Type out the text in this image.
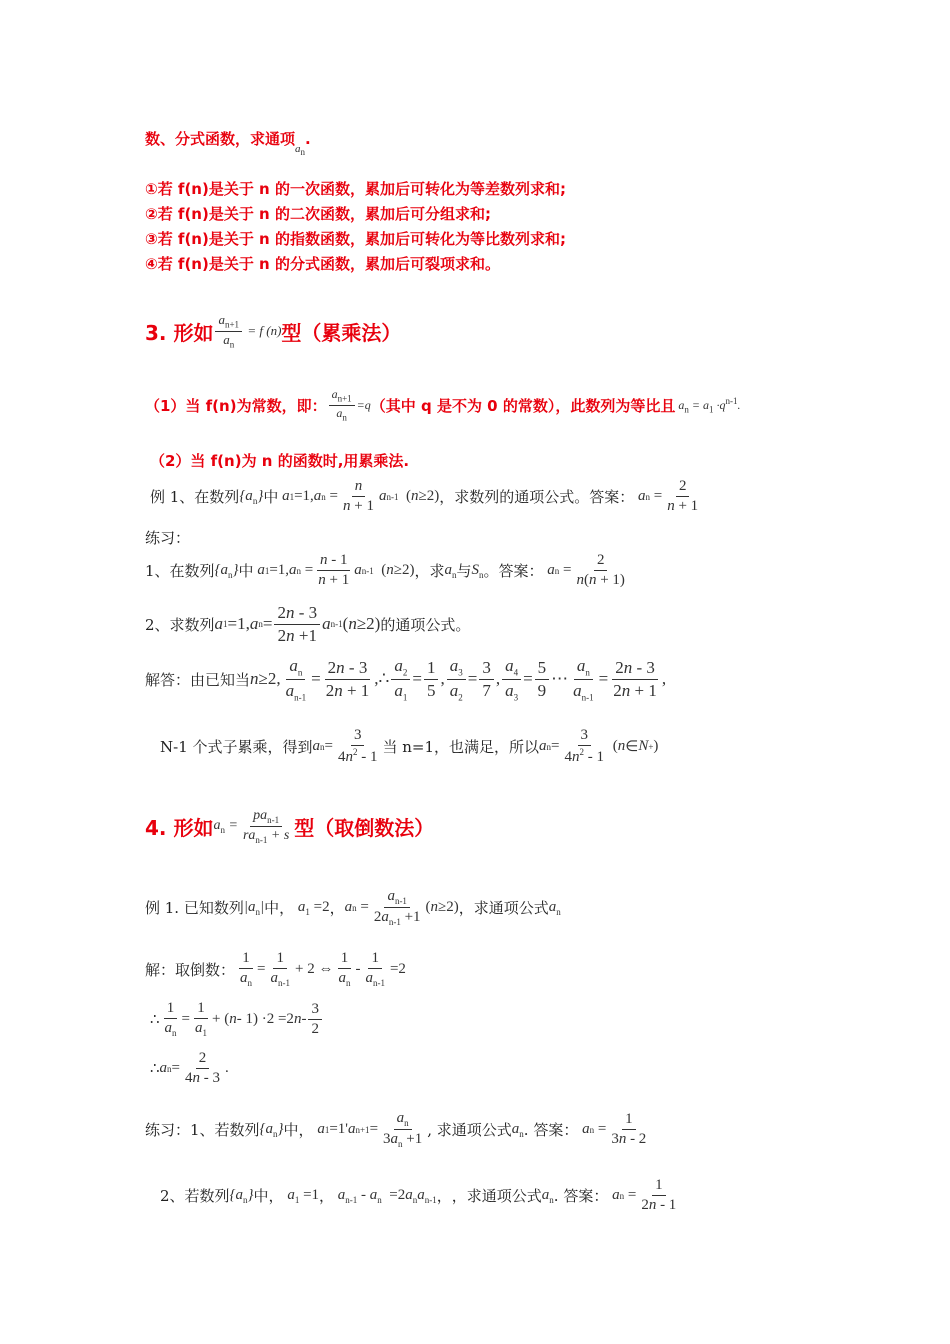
数、分式函数，求通项$_{a_n}$.
①若 f(n)是关于 n 的一次函数，累加后可转化为等差数列求和;
②若 f(n)是关于 n 的二次函数，累加后可分组求和;
③若 f(n)是关于 n 的指数函数，累加后可转化为等比数列求和;
④若 f(n)是关于 n 的分式函数，累加后可裂项求和。
3. 形如 $\frac{a_{n+1}}{a_n} = f$ (n) 型（累乘法）
（1）当 f(n)为常数，即： $\frac{a_{n+1}}{a_n} =q$ （其中 q 是不为 0 的常数），此数列为等比且 $a_n = a_1 \cdot q^{n-1}$.
（2）当 f(n)为 n 的函数时,用累乘法.
例 1、在数列 $\{a_n\}$ 中 a 1 =1, a $n = \frac{n}{n + 1}$ a n-1
( n ≥2) ，求数列的通项公式。答案： a $n = \frac{2}{n + 1}$
练习：
1、在数列 $\{a_n\}$ 中 a 1 =1, a $n = \frac{n - 1}{n + 1}$ a n-1
( n ≥2) ，求 $a_n$ 与 $S_n$ 。答案： a $n = \frac{2}{n(n + 1)}$
2、求数列 a 1 =1, a $n = \frac{2n - 3}{2n +1}$ a n-1 ( n ≥2) 的通项公式。
解答：由已知当 n ≥2, $\frac{a_n}{a_{n-1}} = \frac{2n - 3}{2n + 1}$ ,∴ $\frac{a_2}{a_1} = \frac{1}{5}$ , $\frac{a_3}{a_2} = \frac{3}{7}$ , $\frac{a_4}{a_3} = \frac{5}{9}$ ⋯ $\frac{a_n}{a_{n-1}} = \frac{2n - 3}{2n + 1}$ ,
N-1 个式子累乘，得到 a $n = \frac{3}{4n^2 - 1}$ 当 n=1，也满足，所以 a $n = \frac{3}{4n^2 - 1}$
( n ∈ N + )
4. 形如 $a_n = \frac{pa_{n-1}}{ra_{n-1} + s}$ 型（取倒数法）
例 1. 已知数列 $|a_n|$ 中， $a_1 =2$ ， a $n = \frac{a_{n-1}}{2a_{n-1} +1}$ ( n ≥2) ，求通项公式 $a_n$
解：取倒数： $\frac{1}{a_n} = \frac{1}{a_{n-1}} + 2$ ⇔ $\frac{1}{a_n} - \frac{1}{a_{n-1}} =2$
∴ $\frac{1}{a_n} = \frac{1}{a_1}$ + ( n - 1) ·2 =2 n - $\frac{3}{2}$
∴ a $n = \frac{2}{4n - 3}$ .
练习：1、若数列 $\{a_n\}$ 中， a 1 =1' a $n+1 = \frac{a_n}{3a_n +1}$ , 求通项公式 $a_n$ . 答案： a $n = \frac{1}{3n - 2}$
2、若数列 $\{a_n\}$ 中， $a_1 =1$ ， $a_{n-1} - a_n =2a_na_{n-1}$ ， ，求通项公式 $a_n$ . 答案： a $n = \frac{1}{2n - 1}$
